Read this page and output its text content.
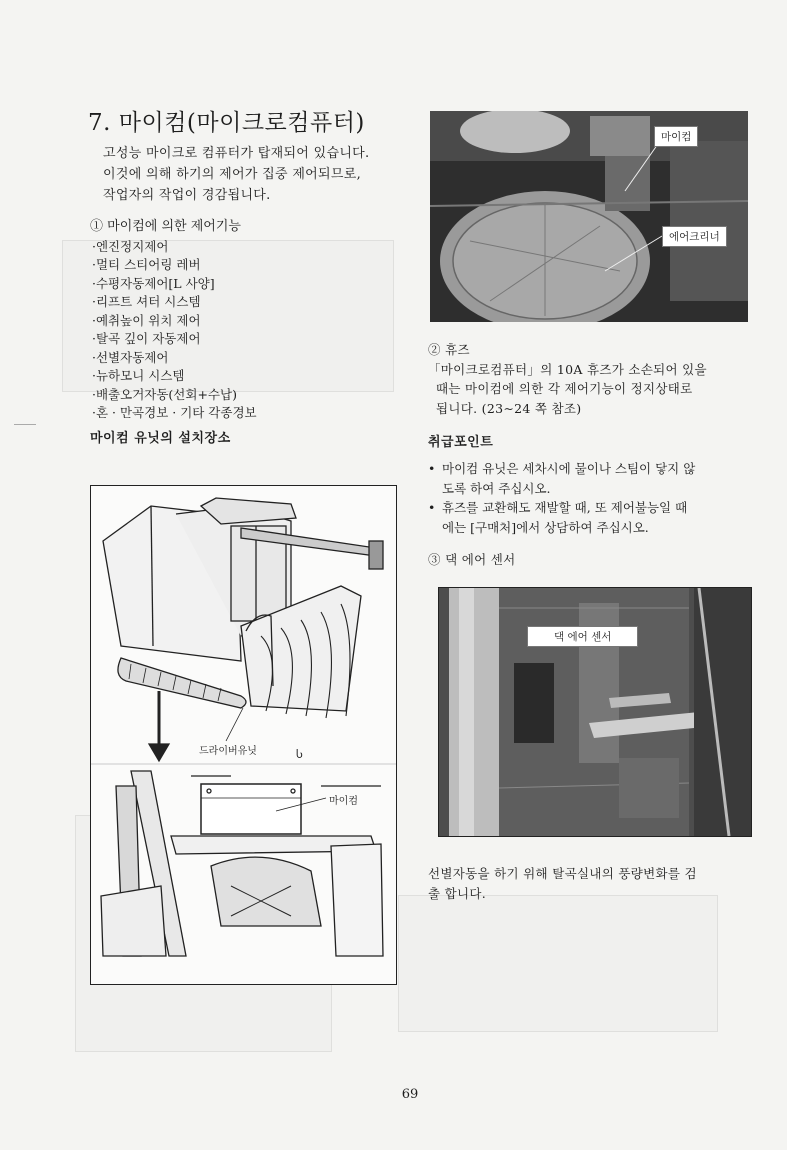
7. 마이컴(마이크로컴퓨터)
고성능 마이크로 컴퓨터가 탑재되어 있습니다.
이것에 의해 하기의 제어가 집중 제어되므로,
작업자의 작업이 경감됩니다.
① 마이컴에 의한 제어기능
·엔진정지제어
·멀티 스티어링 레버
·수평자동제어[L 사양]
·리프트 셔터 시스템
·예취높이 위치 제어
·탈곡 깊이 자동제어
·선별자동제어
·뉴하모니 시스템
·배출오거자동(선회+수납)
·혼 · 만곡경보 · 기타 각종경보
마이컴 유닛의 설치장소
드라이버유닛	Ⴑ
마이컴
마이컴
에어크리너
② 휴즈
「마이크로컴퓨터」의 10A 휴즈가 소손되어 있을
때는 마이컴에 의한 각 제어기능이 정지상태로
됩니다. (23∼24 쪽 참조)
취급포인트
• 마이컴 유닛은 세차시에 물이나 스팀이 닿지 않
도록 하여 주십시오.
• 휴즈를 교환해도 재발할 때, 또 제어불능일 때
에는 [구매처]에서 상담하여 주십시오.
③ 댁 에어 센서
댁 에어 센서
선별자동을 하기 위해 탈곡실내의 풍량변화를 검
출 합니다.
69
